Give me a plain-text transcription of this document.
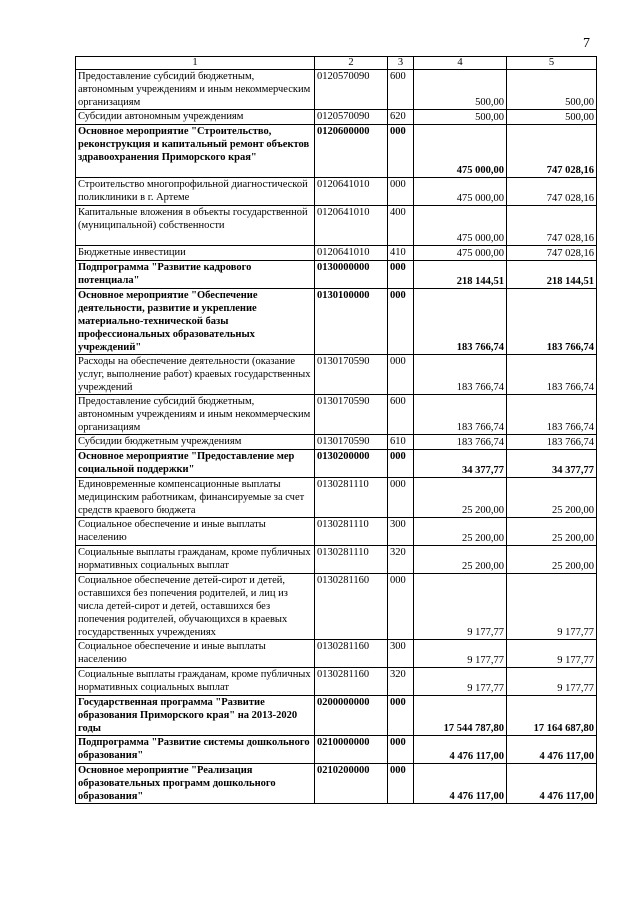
7
1	2	3	4	5
Предоставление субсидий бюджетным, автономным учреждениям и иным некоммерческим организациям	0120570090	600	500,00	500,00
Субсидии автономным учреждениям	0120570090	620	500,00	500,00
Основное мероприятие "Строительство, реконструкция и капитальный ремонт объектов здравоохранения Приморского края"	0120600000	000	475 000,00	747 028,16
Строительство многопрофильной диагностической поликлиники в г. Артеме	0120641010	000	475 000,00	747 028,16
Капитальные вложения в объекты государственной (муниципальной) собственности	0120641010	400	475 000,00	747 028,16
Бюджетные инвестиции	0120641010	410	475 000,00	747 028,16
Подпрограмма "Развитие кадрового потенциала"	0130000000	000	218 144,51	218 144,51
Основное мероприятие "Обеспечение деятельности, развитие и укрепление материально-технической базы профессиональных образовательных учреждений"	0130100000	000	183 766,74	183 766,74
Расходы на обеспечение деятельности (оказание услуг, выполнение работ) краевых государственных учреждений	0130170590	000	183 766,74	183 766,74
Предоставление субсидий бюджетным, автономным учреждениям и иным некоммерческим организациям	0130170590	600	183 766,74	183 766,74
Субсидии бюджетным учреждениям	0130170590	610	183 766,74	183 766,74
Основное мероприятие "Предоставление мер социальной поддержки"	0130200000	000	34 377,77	34 377,77
Единовременные компенсационные выплаты медицинским работникам, финансируемые за счет средств краевого бюджета	0130281110	000	25 200,00	25 200,00
Социальное обеспечение и иные выплаты населению	0130281110	300	25 200,00	25 200,00
Социальные выплаты гражданам, кроме публичных нормативных социальных выплат	0130281110	320	25 200,00	25 200,00
Социальное обеспечение детей-сирот и детей, оставшихся без попечения родителей, и лиц из числа детей-сирот и детей, оставшихся без попечения родителей, обучающихся в краевых государственных учреждениях	0130281160	000	9 177,77	9 177,77
Социальное обеспечение и иные выплаты населению	0130281160	300	9 177,77	9 177,77
Социальные выплаты гражданам, кроме публичных нормативных социальных выплат	0130281160	320	9 177,77	9 177,77
Государственная программа "Развитие образования Приморского края" на 2013-2020 годы	0200000000	000	17 544 787,80	17 164 687,80
Подпрограмма "Развитие системы дошкольного образования"	0210000000	000	4 476 117,00	4 476 117,00
Основное мероприятие "Реализация образовательных программ дошкольного образования"	0210200000	000	4 476 117,00	4 476 117,00
